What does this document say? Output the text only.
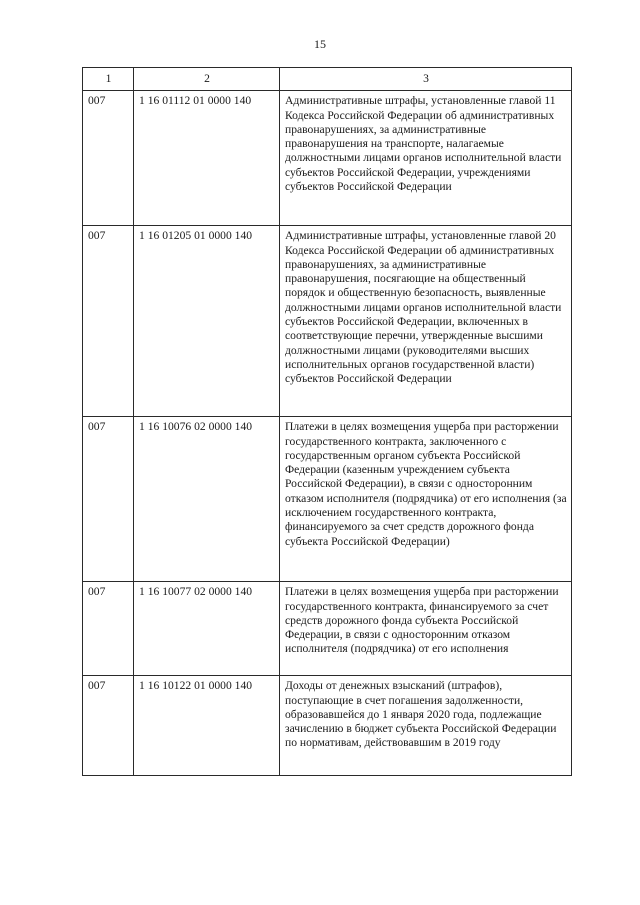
15
1	2	3
007	1 16 01112 01 0000 140	Административные штрафы, установленные главой 11 Кодекса Российской Федерации об административных правонарушениях, за административные правонарушения на транспорте, налагаемые должностными лицами органов исполнительной власти субъектов Российской Федерации, учреждениями субъектов Российской Федерации
007	1 16 01205 01 0000 140	Административные штрафы, установленные главой 20 Кодекса Российской Федерации об административных правонарушениях, за административные правонарушения, посягающие на общественный порядок и общественную безопасность, выявленные должностными лицами органов исполнительной власти субъектов Российской Федерации, включенных в соответствующие перечни, утвержденные высшими должностными лицами (руководителями высших исполнительных органов государственной власти) субъектов Российской Федерации
007	1 16 10076 02 0000 140	Платежи в целях возмещения ущерба при расторжении государственного контракта, заключенного с государственным органом субъекта Российской Федерации (казенным учреждением субъекта Российской Федерации), в связи с односторонним отказом исполнителя (подрядчика) от его исполнения (за исключением государственного контракта, финансируемого за счет средств дорожного фонда субъекта Российской Федерации)
007	1 16 10077 02 0000 140	Платежи в целях возмещения ущерба при расторжении государственного контракта, финансируемого за счет средств дорожного фонда субъекта Российской Федерации, в связи с односторонним отказом исполнителя (подрядчика) от его исполнения
007	1 16 10122 01 0000 140	Доходы от денежных взысканий (штрафов), поступающие в счет погашения задолженности, образовавшейся до 1 января 2020 года, подлежащие зачислению в бюджет субъекта Российской Федерации по нормативам, действовавшим в 2019 году
